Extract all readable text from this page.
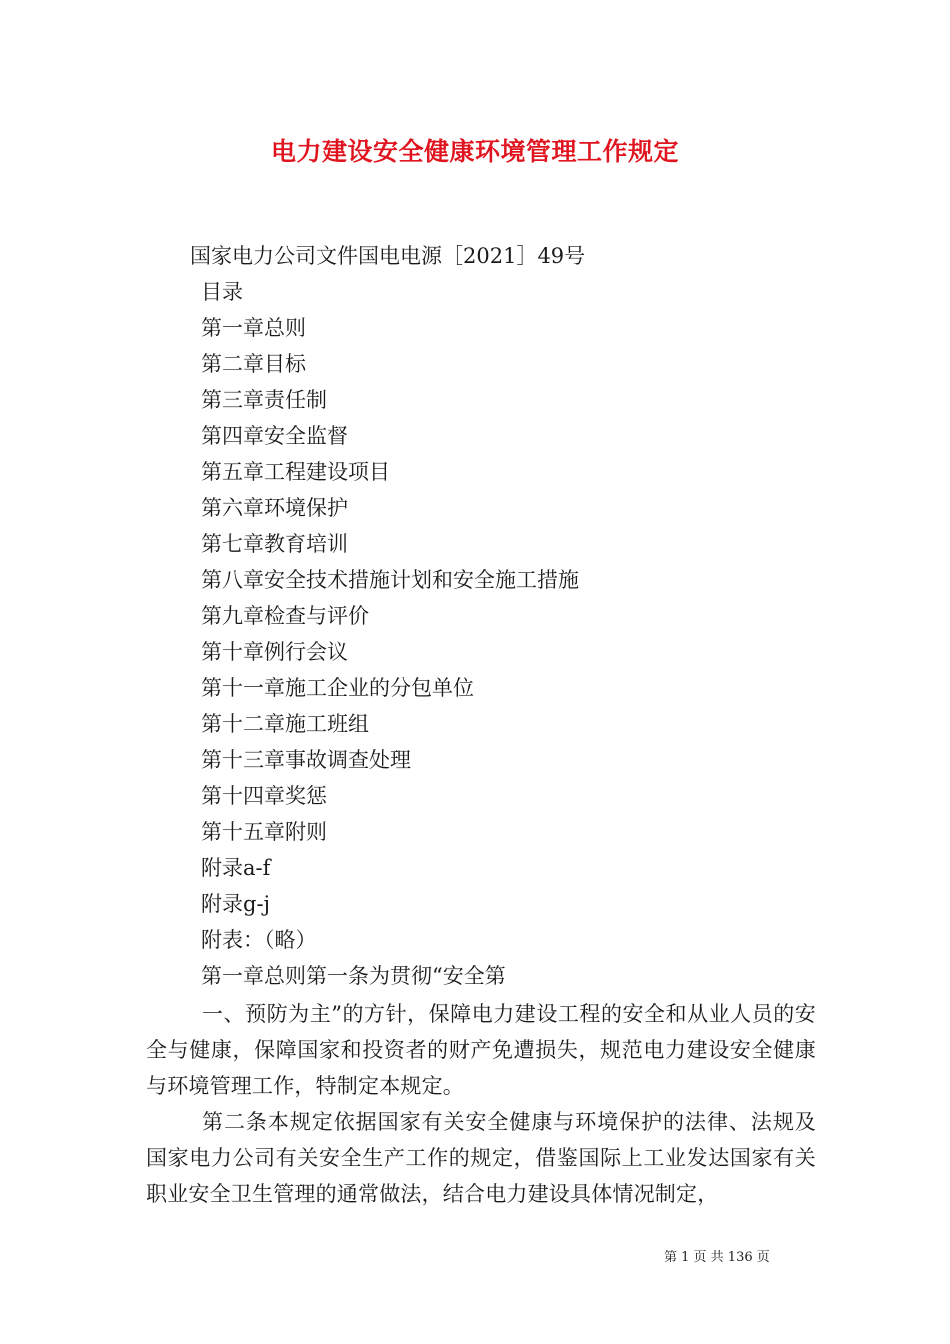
电力建设安全健康环境管理工作规定
国家电力公司文件国电电源［2021］49号
目录
第一章总则
第二章目标
第三章责任制
第四章安全监督
第五章工程建设项目
第六章环境保护
第七章教育培训
第八章安全技术措施计划和安全施工措施
第九章检查与评价
第十章例行会议
第十一章施工企业的分包单位
第十二章施工班组
第十三章事故调查处理
第十四章奖惩
第十五章附则
附录a-f
附录g-j
附表：（略）
第一章总则第一条为贯彻“安全第

一、预防为主”的方针，保障电力建设工程的安全和从业人员的安全与健康，保障国家和投资者的财产免遭损失，规范电力建设安全健康与环境管理工作，特制定本规定。

第二条本规定依据国家有关安全健康与环境保护的法律、法规及国家电力公司有关安全生产工作的规定，借鉴国际上工业发达国家有关职业安全卫生管理的通常做法，结合电力建设具体情况制定，

第 1 页 共 136 页
